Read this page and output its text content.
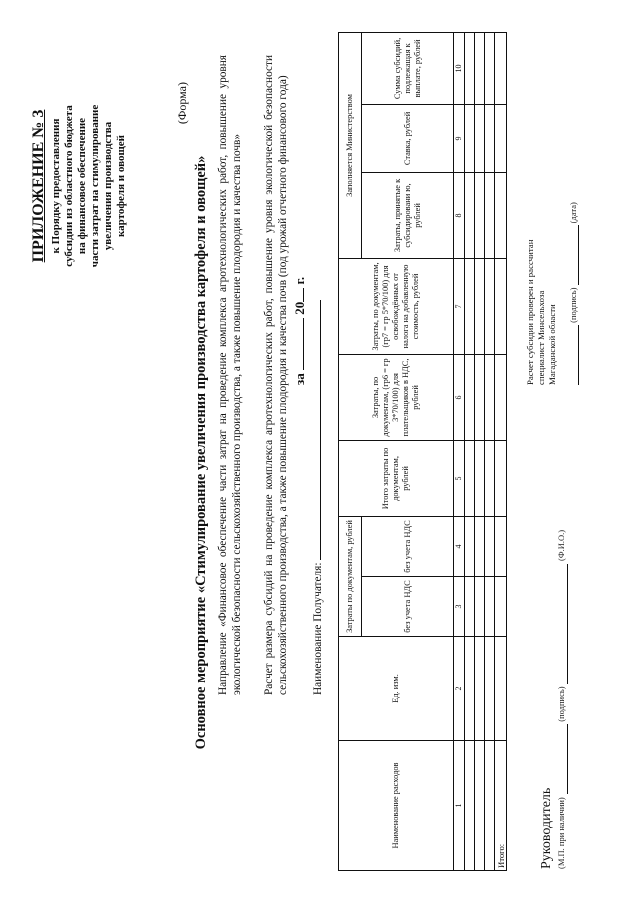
ПРИЛОЖЕНИЕ № 3 к Порядку предоставления субсидии из областного бюджета на финансовое обеспечение части затрат на стимулирование увеличения производства картофеля и овощей
(Форма)
Основное мероприятие «Стимулирование увеличения производства картофеля и овощей» Направление «Финансовое обеспечение части затрат на проведение комплекса агротехнологических работ, повышение уровня экологической безопасности сельскохозяйственного производства, а также повышение плодородия и качества почв» Расчет размера субсидий на проведение комплекса агротехнологических работ, повышение уровня экологической безопасности сельскохозяйственного производства, а также повышение плодородия и качества почв (под урожай отчетного финансового года) за  20 г.
Наименование Получателя:
Наименование расходов	Ед. изм.	Затраты по документам, рублей		Итого затраты по документам, рублей	Затраты, по документам, (гр6 = гр 3*70/100) для плательщиков в НДС, рублей	Затраты, по документам, (гр7 = гр 5*70/100) для освобождённых от налога на добавленную стоимость, рублей	Заполняется Министерством		
		без учета НДС	без учета НДС				Затраты, принятые к субсидировани ю, рублей	Ставка, рублей	Сумма субсидий, подлежащая к выплате, рублей
1	2	3	4	5	6	7	8	9	10

Итого:									Руководитель (М.П. при наличии)  (подпись)  (Ф.И.О.)
Расчет субсидии проверен и рассчитан специалист Минсельхоза Магаданской области (подпись)  (дата)
